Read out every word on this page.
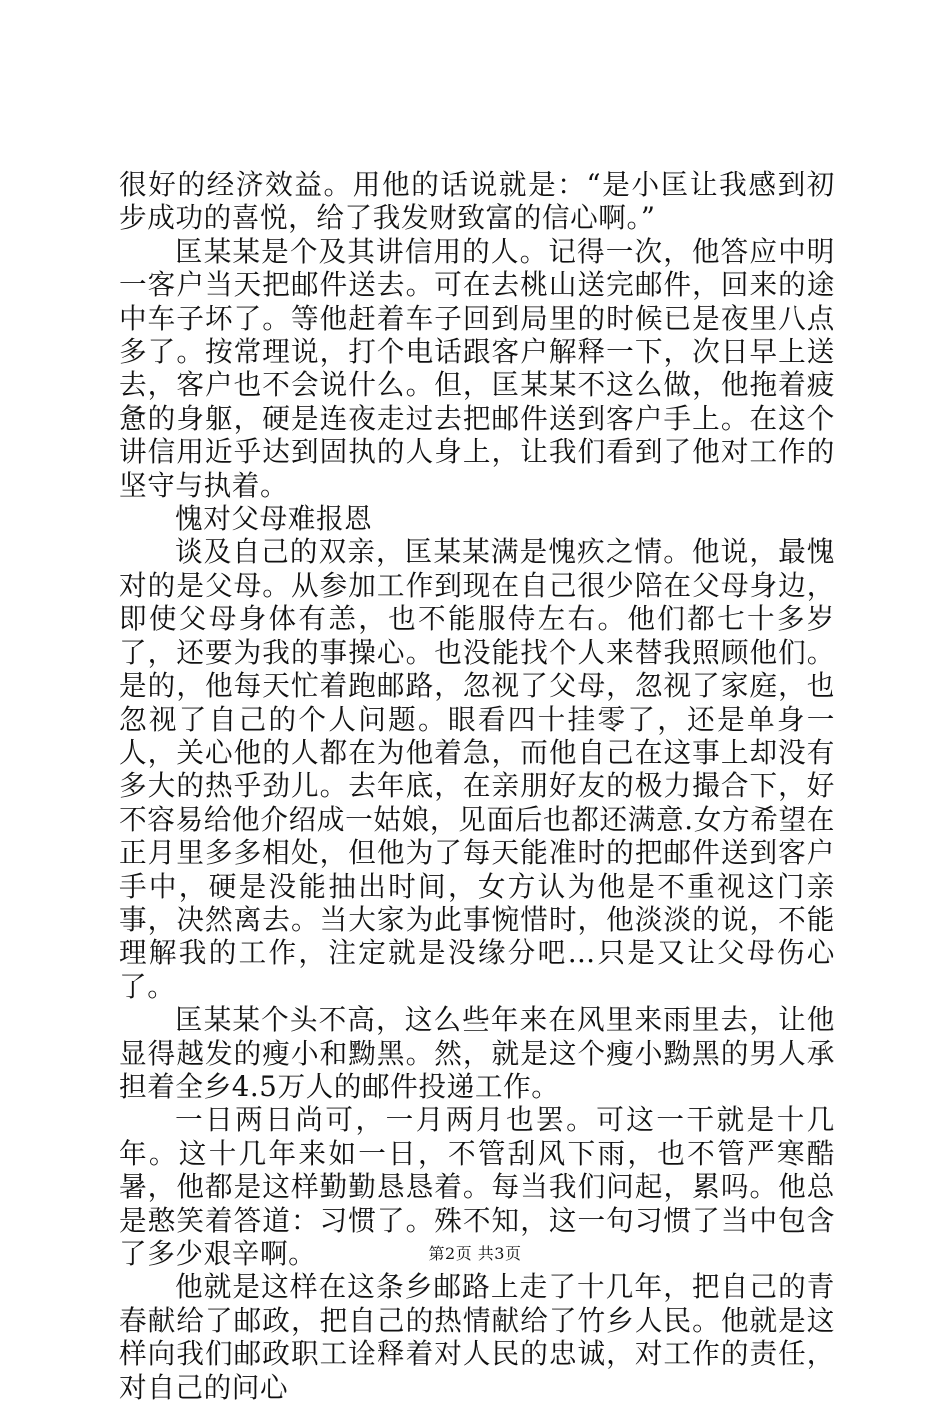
很好的经济效益。用他的话说就是：“是小匡让我感到初步成功的喜悦，给了我发财致富的信心啊。”

匡某某是个及其讲信用的人。记得一次，他答应中明一客户当天把邮件送去。可在去桃山送完邮件，回来的途中车子坏了。等他赶着车子回到局里的时候已是夜里八点多了。按常理说，打个电话跟客户解释一下，次日早上送去，客户也不会说什么。但，匡某某不这么做，他拖着疲惫的身躯，硬是连夜走过去把邮件送到客户手上。在这个讲信用近乎达到固执的人身上，让我们看到了他对工作的坚守与执着。

愧对父母难报恩

谈及自己的双亲，匡某某满是愧疚之情。他说，最愧对的是父母。从参加工作到现在自己很少陪在父母身边，即使父母身体有恙，也不能服侍左右。他们都七十多岁了，还要为我的事操心。也没能找个人来替我照顾他们。是的，他每天忙着跑邮路，忽视了父母，忽视了家庭，也忽视了自己的个人问题。眼看四十挂零了，还是单身一人，关心他的人都在为他着急，而他自己在这事上却没有多大的热乎劲儿。去年底，在亲朋好友的极力撮合下，好不容易给他介绍成一姑娘，见面后也都还满意.女方希望在正月里多多相处，但他为了每天能准时的把邮件送到客户手中，硬是没能抽出时间，女方认为他是不重视这门亲事，决然离去。当大家为此事惋惜时，他淡淡的说，不能理解我的工作，注定就是没缘分吧…只是又让父母伤心了。

匡某某个头不高，这么些年来在风里来雨里去，让他显得越发的瘦小和黝黑。然，就是这个瘦小黝黑的男人承担着全乡4.5万人的邮件投递工作。

一日两日尚可，一月两月也罢。可这一干就是十几年。这十几年来如一日，不管刮风下雨，也不管严寒酷暑，他都是这样勤勤恳恳着。每当我们问起，累吗。他总是憨笑着答道：习惯了。殊不知，这一句习惯了当中包含了多少艰辛啊。

他就是这样在这条乡邮路上走了十几年，把自己的青春献给了邮政，把自己的热情献给了竹乡人民。他就是这样向我们邮政职工诠释着对人民的忠诚，对工作的责任，对自己的问心

第2页 共3页
